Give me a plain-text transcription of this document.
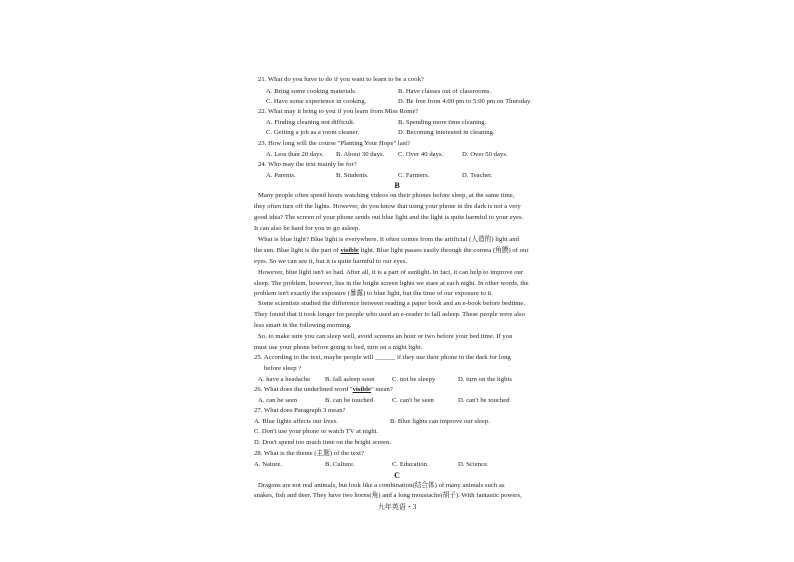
21. What do you have to do if you want to learn to be a cook?
A. Bring some cooking materials.	B. Have classes out of classrooms.
C. Have some experience in cooking.	D. Be free from 4:00 pm to 5:00 pm on Thursday.
22. What may it bring to you if you learn from Miss Rome?
A. Finding cleaning not difficult.	B. Spending more time cleaning.
C. Getting a job as a room cleaner.	D. Becoming interested in cleaning.
23. How long will the course "Planting Your Hope" last?
A. Less than 20 days. B. About 30 days. C. Over 40 days.	D. Over 50 days.
24. Who may the text mainly be for?
A. Parents.	B. Students.	C. Farmers.	D. Teacher.
B
Many people often spend hours watching videos on their phones before sleep, at the same time,
they often turn off the lights. However, do you know that using your phone in the dark is not a very
good idea? The screen of your phone sends out blue light and the light is quite harmful to your eyes.
It can also be hard for you to go asleep.
What is blue light? Blue light is everywhere. It often comes from the artificial (人造的) light and
the sun. Blue light is the part of visible light. Blue light passes easily through the cornea (角膜) of our
eyes. So we can see it, but it is quite harmful to our eyes.
However, blue light isn't so bad. After all, it is a part of sunlight. In fact, it can help to improve our
sleep. The problem, however, lies in the bright screen lights we stare at each night. In other words, the
problem isn't exactly the exposure (暴露) to blue light, but the time of our exposure to it.
Some scientists studied the difference between reading a paper book and an e-book before bedtime.
They found that it took longer for people who used an e-reader to fall asleep. These people were also
less smart in the following morning.
So, to make sure you can sleep well, avoid screens an hour or two before your bed time. If you
must use your phone before going to bed, turn on a night light.
25. According to the text, maybe people will ______ if they use their phone in the dark for long
before sleep ?
A. have a headache B. fall asleep soon	C. not be sleepy	D. turn on the lights
26. What does the underlined word "visible" mean?
A. can be seen	B. can be touched	C. can't be seen	D. can't be touched
27. What does Paragraph 3 mean?
A. Blue lights affects our lives.	B. Blue lights can improve our sleep.
C. Don't use your phone or watch TV at night.
D. Don't spend too much time on the bright screen.
28. What is the theme (主题) of the text?
A. Nature.	B. Culture.	C. Education.	D. Science.
C
Dragons are not real animals, but look like a combination(结合体) of many animals such as
snakes, fish and deer. They have two horns(角) and a long moustache(胡子). With fantastic powers,
九年英语・3
